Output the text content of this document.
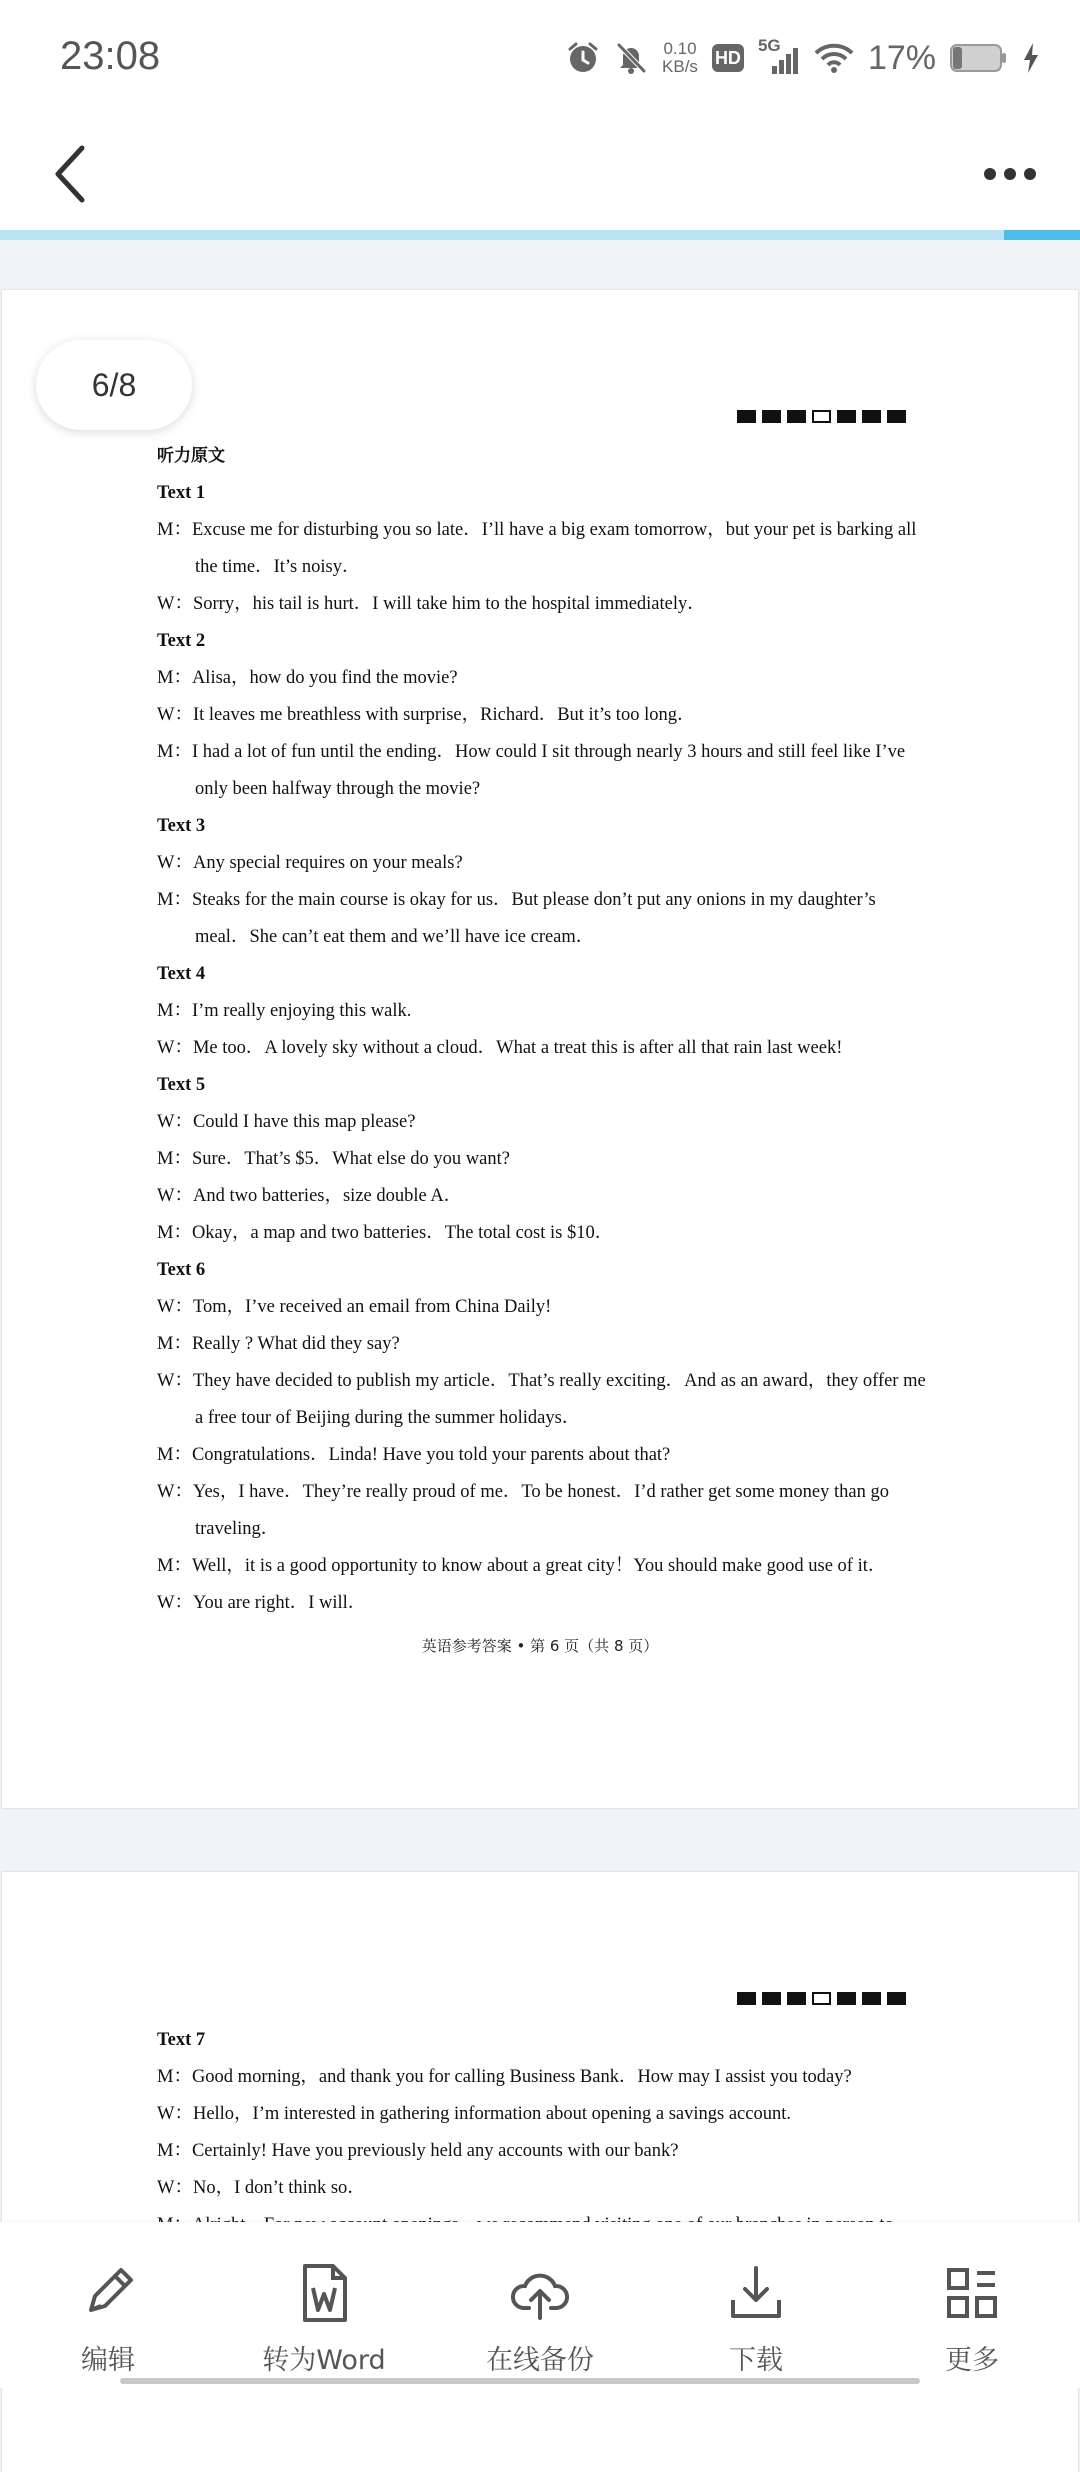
23:08	0.10
KB/s HD
5G	17%
听力原文
Text 1
M：Excuse me for disturbing you so late．I’ll have a big exam tomorrow，but your pet is barking all
the time．It’s noisy．
W：Sorry，his tail is hurt．I will take him to the hospital immediately．
Text 2
M：Alisa，how do you find the movie?
W：It leaves me breathless with surprise，Richard．But it’s too long．
M：I had a lot of fun until the ending．How could I sit through nearly 3 hours and still feel like I’ve
only been halfway through the movie?
Text 3
W：Any special requires on your meals?
M：Steaks for the main course is okay for us．But please don’t put any onions in my daughter’s
meal．She can’t eat them and we’ll have ice cream．
Text 4
M：I’m really enjoying this walk.
W：Me too．A lovely sky without a cloud．What a treat this is after all that rain last week!
Text 5
W：Could I have this map please?
M：Sure．That’s $5．What else do you want?
W：And two batteries，size double A．
M：Okay，a map and two batteries．The total cost is $10．
Text 6
W：Tom，I’ve received an email from China Daily!
M：Really ? What did they say?
W：They have decided to publish my article．That’s really exciting．And as an award，they offer me
a free tour of Beijing during the summer holidays．
M：Congratulations．Linda! Have you told your parents about that?
W：Yes，I have．They’re really proud of me．To be honest．I’d rather get some money than go
traveling．
M：Well，it is a good opportunity to know about a great city！You should make good use of it．
W：You are right．I will．
英语参考答案 • 第 6 页（共 8 页）
6/8
Text 7
M：Good morning，and thank you for calling Business Bank．How may I assist you today?
W：Hello，I’m interested in gathering information about opening a savings account.
M：Certainly! Have you previously held any accounts with our bank?
W：No，I don’t think so．
编辑	转为Word	在线备份	下载	更多
